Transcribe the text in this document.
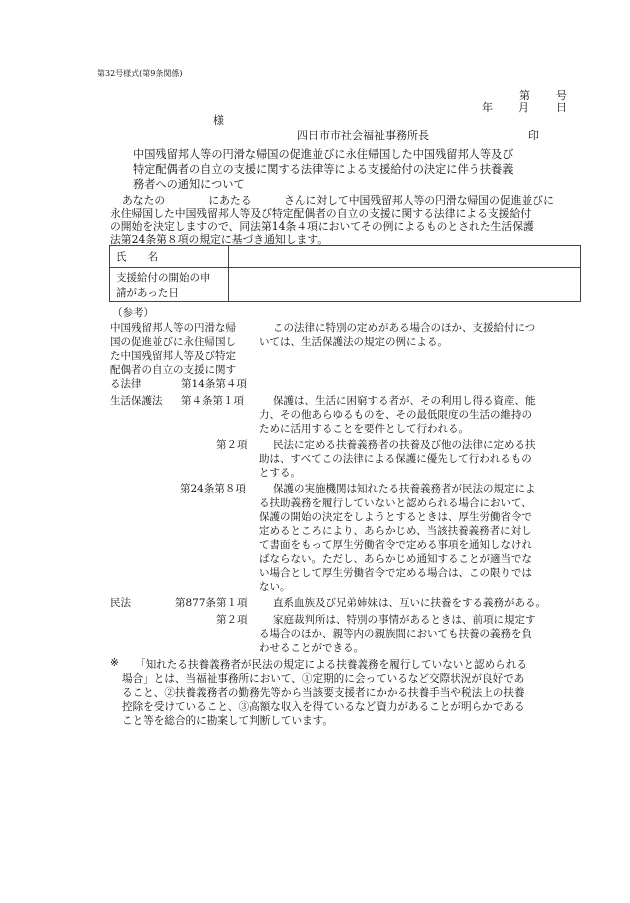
第32号様式(第9条関係)
第 号
年 月 日
様
四日市市社会福祉事務所長	印
中国残留邦人等の円滑な帰国の促進並びに永住帰国した中国残留邦人等及び
特定配偶者の自立の支援に関する法律等による支援給付の決定に伴う扶養義
務者への通知について
あなたの　　　　にあたる　　　さんに対して中国残留邦人等の円滑な帰国の促進並びに
永住帰国した中国残留邦人等及び特定配偶者の自立の支援に関する法律による支援給付
の開始を決定しますので、同法第14条４項においてその例によるものとされた生活保護
法第24条第８項の規定に基づき通知します。
氏　　名	

支援給付の開始の申
請があった日	

（参考）
中国残留邦人等の円滑な帰
国の促進並びに永住帰国し
た中国残留邦人等及び特定
配偶者の自立の支援に関す
る法律	第14条第４項
この法律に特別の定めがある場合のほか、支援給付につ
いては、生活保護法の規定の例による。
生活保護法 第４条第１項	保護は、生活に困窮する者が、その利用し得る資産、能
力、その他あらゆるものを、その最低限度の生活の維持の
ために活用することを要件として行われる。
第２項 民法に定める扶養義務者の扶養及び他の法律に定める扶
助は、すべてこの法律による保護に優先して行われるもの
とする。
第24条第８項	保護の実施機関は知れたる扶養義務者が民法の規定によ
る扶助義務を履行していないと認められる場合において、
保護の開始の決定をしようとするときは、厚生労働省令で
定めるところにより、あらかじめ、当該扶養義務者に対し
て書面をもって厚生労働省令で定める事項を通知しなけれ
ばならない。ただし、あらかじめ通知することが適当でな
い場合として厚生労働省令で定める場合は、この限りでは
ない。
民法	第877条第１項 直系血族及び兄弟姉妹は、互いに扶養をする義務がある。
第２項 家庭裁判所は、特別の事情があるときは、前項に規定す
る場合のほか、親等内の親族間においても扶養の義務を負
わせることができる。
※ 「知れたる扶養義務者が民法の規定による扶養義務を履行していないと認められる
場合」とは、当福祉事務所において、①定期的に会っているなど交際状況が良好であ
ること、②扶養義務者の勤務先等から当該要支援者にかかる扶養手当や税法上の扶養
控除を受けていること、③高額な収入を得ているなど資力があることが明らかである
こと等を総合的に勘案して判断しています。
